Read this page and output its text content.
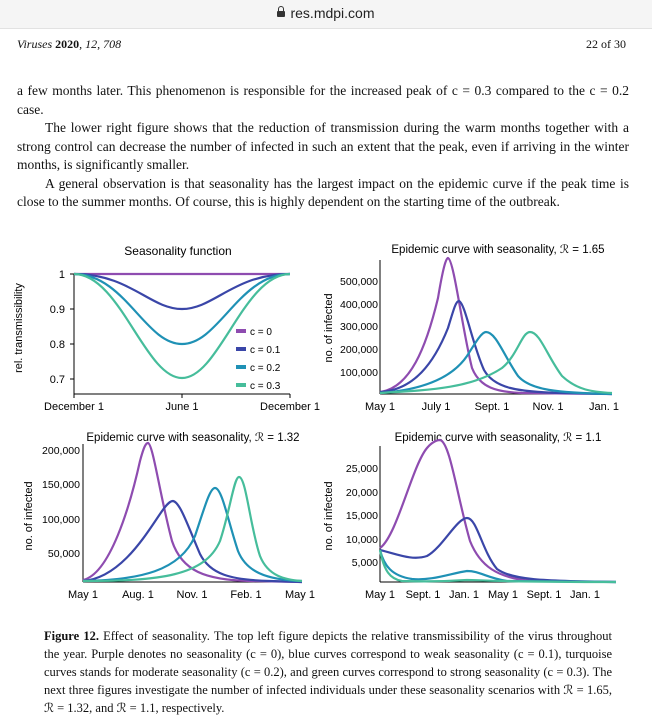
res.mdpi.com
Viruses 2020, 12, 708	22 of 30

a few months later. This phenomenon is responsible for the increased peak of c = 0.3 compared to the c = 0.2 case.

The lower right figure shows that the reduction of transmission during the warm months together with a strong control can decrease the number of infected in such an extent that the peak, even if arriving in the winter months, is significantly smaller.

A general observation is that seasonality has the largest impact on the epidemic curve if the peak time is close to the summer months. Of course, this is highly dependent on the starting time of the outbreak.

Seasonality function
rel. transmissibility
1
0.9
0.8
0.7
December 1	June 1	December 1
c = 0
c = 0.1
c = 0.2
c = 0.3
Epidemic curve with seasonality, ℛ = 1.65
no. of infected
100,000
200,000
300,000
400,000
500,000
May 1 July 1 Sept. 1 Nov. 1 Jan. 1
Epidemic curve with seasonality, ℛ = 1.32
no. of infected
50,000
100,000
150,000
200,000
May 1 Aug. 1 Nov. 1 Feb. 1 May 1
Epidemic curve with seasonality, ℛ = 1.1
no. of infected
5,000
10,000
15,000
20,000
25,000
May 1 Sept. 1 Jan. 1 May 1 Sept. 1 Jan. 1
Figure 12. Effect of seasonality. The top left figure depicts the relative transmissibility of the virus throughout the year. Purple denotes no seasonality (c = 0), blue curves correspond to weak seasonality (c = 0.1), turquoise curves stands for moderate seasonality (c = 0.2), and green curves correspond to strong seasonality (c = 0.3). The next three figures investigate the number of infected individuals under these seasonality scenarios with ℛ = 1.65, ℛ = 1.32, and ℛ = 1.1, respectively.
